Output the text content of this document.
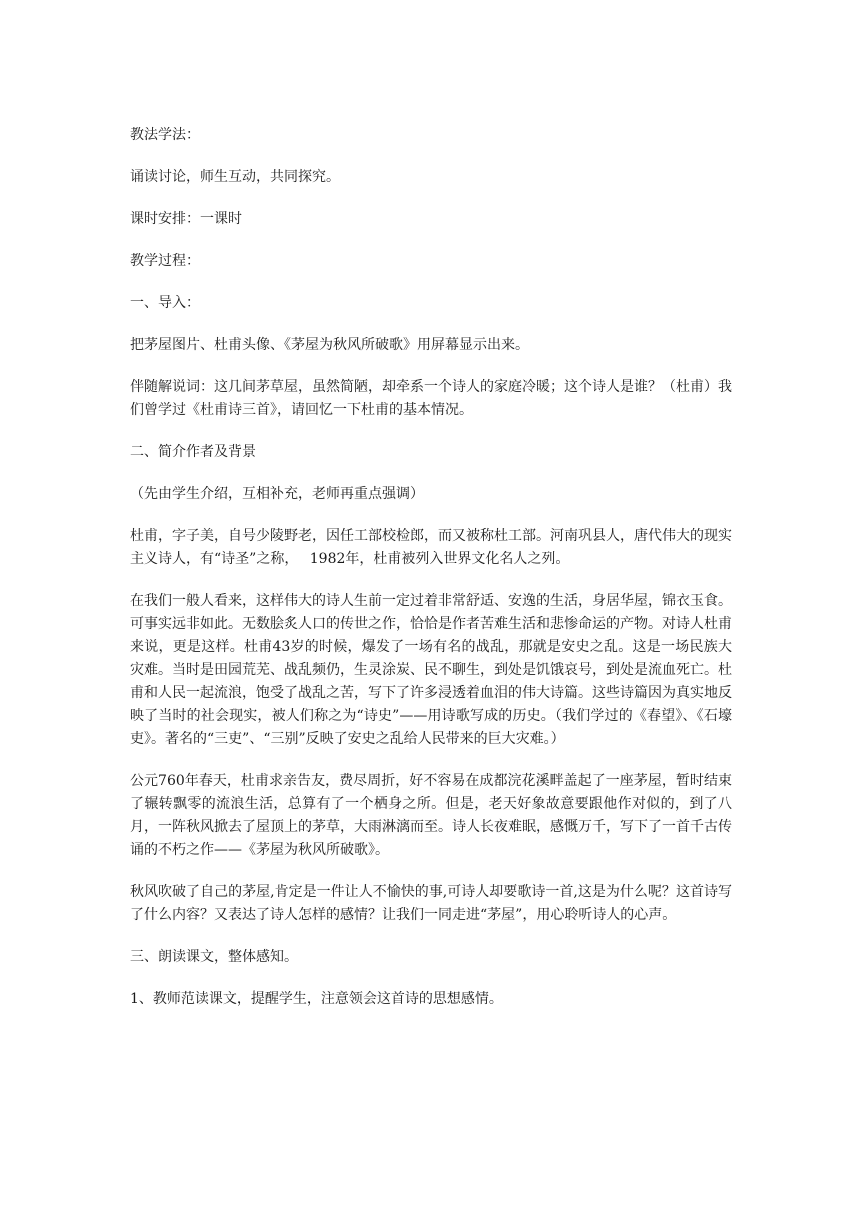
教法学法：

诵读讨论，师生互动，共同探究。

课时安排：一课时

教学过程：

一、导入：

把茅屋图片、杜甫头像、《茅屋为秋风所破歌》用屏幕显示出来。

伴随解说词：这几间茅草屋，虽然简陋，却牵系一个诗人的家庭冷暖；这个诗人是谁？（杜甫）我们曾学过《杜甫诗三首》，请回忆一下杜甫的基本情况。

二、简介作者及背景

（先由学生介绍，互相补充，老师再重点强调）

杜甫，字子美，自号少陵野老，因任工部校检郎，而又被称杜工部。河南巩县人，唐代伟大的现实主义诗人，有“诗圣”之称，　 1982年，杜甫被列入世界文化名人之列。

在我们一般人看来，这样伟大的诗人生前一定过着非常舒适、安逸的生活，身居华屋，锦衣玉食。可事实远非如此。无数脍炙人口的传世之作，恰恰是作者苦难生活和悲惨命运的产物。对诗人杜甫来说，更是这样。杜甫43岁的时候，爆发了一场有名的战乱，那就是安史之乱。这是一场民族大灾难。当时是田园荒芜、战乱频仍，生灵涂炭、民不聊生，到处是饥饿哀号，到处是流血死亡。杜甫和人民一起流浪，饱受了战乱之苦，写下了许多浸透着血泪的伟大诗篇。这些诗篇因为真实地反映了当时的社会现实，被人们称之为“诗史”——用诗歌写成的历史。（我们学过的《春望》、《石壕吏》。著名的“三吏”、“三别”反映了安史之乱给人民带来的巨大灾难。）

公元760年春天，杜甫求亲告友，费尽周折，好不容易在成都浣花溪畔盖起了一座茅屋，暂时结束了辗转飘零的流浪生活，总算有了一个栖身之所。但是，老天好象故意要跟他作对似的，到了八月，一阵秋风掀去了屋顶上的茅草，大雨淋漓而至。诗人长夜难眠，感慨万千，写下了一首千古传诵的不朽之作——《茅屋为秋风所破歌》。

秋风吹破了自己的茅屋,肯定是一件让人不愉快的事,可诗人却要歌诗一首,这是为什么呢？这首诗写了什么内容？又表达了诗人怎样的感情？让我们一同走进“茅屋”，用心聆听诗人的心声。

三、朗读课文，整体感知。

1、教师范读课文，提醒学生，注意领会这首诗的思想感情。
